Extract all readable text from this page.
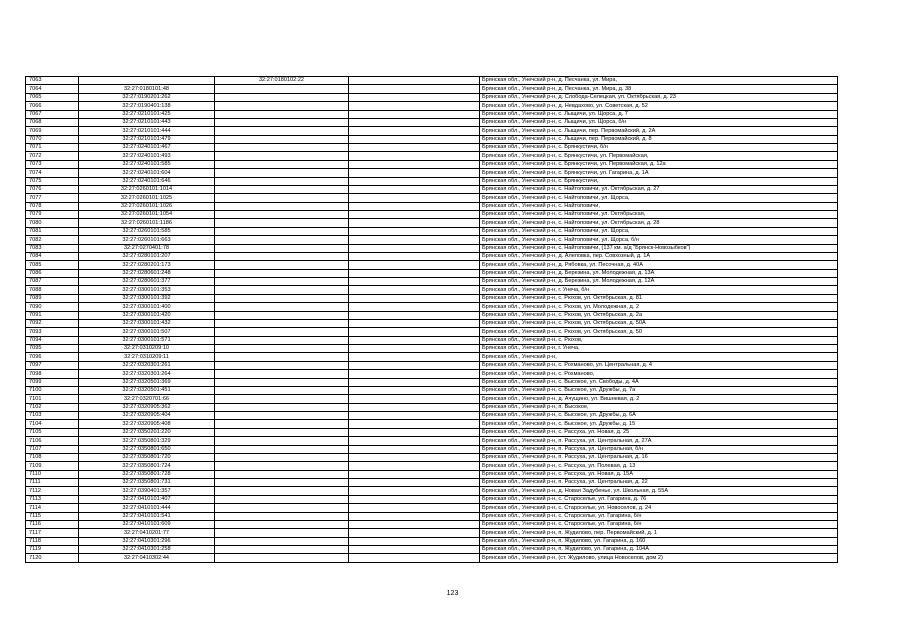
7063		32:27:0180102:22		Брянская обл., Унечский р-н, д. Песчанка, ул. Мира,
7064	32:27:0180101:48			Брянская обл., Унечский р-н, д. Песчанка, ул. Мира, д. 38
7065	32:27:0190201:262			Брянская обл., Унечский р-н, д. Слобода-Селецкая, ул. Октябрьская, д. 23
7066	32:27:0190401:138			Брянская обл., Унечский р-н, д. Невдахово, ул. Советская, д. 52
7067	32:27:0210101:425			Брянская обл., Унечский р-н, с. Лыщичи, ул. Щорса, д. 7
7068	32:27:0210101:443			Брянская обл., Унечский р-н, с. Лыщичи, ул. Щорса, б/н
7069	32:27:0210101:444			Брянская обл., Унечский р-н, с. Лыщичи, пер. Первомайский, д. 2А
7070	32:27:0210101:479			Брянская обл., Унечский р-н, с. Лыщичи, пер. Первомайский, д. 8
7071	32:27:0240101:467			Брянская обл., Унечский р-н, с. Брянкустичи, б/н
7072	32:27:0240101:493			Брянская обл., Унечский р-н, с. Брянкустичи, ул. Первомайская,
7073	32:27:0240101:585			Брянская обл., Унечский р-н, с. Брянкустичи, ул. Первомайская, д. 12а
7074	32:27:0240101:604			Брянская обл., Унечский р-н, с. Брянкустичи, ул. Гагарина, д. 1А
7075	32:27:0240101:646			Брянская обл., Унечский р-н, с. Брянкустичи,
7076	32:27:0260101:1014			Брянская обл., Унечский р-н, с. Найтоповичи, ул. Октябрьская, д. 27
7077	32:27:0260101:1025			Брянская обл., Унечский р-н, с. Найтоповичи, ул. Щорса,
7078	32:27:0260101:1026			Брянская обл., Унечский р-н, с. Найтоповичи,
7079	32:27:0260101:1054			Брянская обл., Унечский р-н, с. Найтоповичи, ул. Октябрьская,
7080	32:27:0260101:1186			Брянская обл., Унечский р-н, с. Найтоповичи, ул. Октябрьская, д. 28
7081	32:27:0260101:585			Брянская обл., Унечский р-н, с. Найтоповичи, ул. Щорса,
7082	32:27:0260101:663			Брянская обл., Унечский р-н, с. Найтоповичи, ул. Щорса, б/н
7083	32:27:0270401:78			Брянская обл., Унечский р-н, с. Найтоповичи, (137 км. а/д "Брянск-Новозыбков")
7084	32:27:0280101:207			Брянская обл., Унечский р-н, д. Алеповка, пер. Совхозный, д. 1А
7085	32:27:0280201:173			Брянская обл., Унечский р-н, д. Рябовка, ул. Песочная, д. 40А
7086	32:27:0280601:248			Брянская обл., Унечский р-н, д. Березина, ул. Молодежная, д. 13А
7087	32:27:0280601:377			Брянская обл., Унечский р-н, д. Березина, ул. Молодежная, д. 12А
7088	32:27:0300101:353			Брянская обл., Унечский р-н, г. Унеча, б/н
7089	32:27:0300101:392			Брянская обл., Унечский р-н, с. Рюхов, ул. Октябрьская, д. 81
7090	32:27:0300101:400			Брянская обл., Унечский р-н, с. Рюхов, ул. Молодежная, д. 2
7091	32:27:0300101:420			Брянская обл., Унечский р-н, с. Рюхов, ул. Октябрьская, д. 2а
7092	32:27:0300101:432			Брянская обл., Унечский р-н, с. Рюхов, ул. Октябрьская, д. 50А
7093	32:27:0300101:507			Брянская обл., Унечский р-н, с. Рюхов, ул. Октябрьская, д. 50
7094	32:27:0300101:571			Брянская обл., Унечский р-н, с. Рюхов,
7095	32:27:0310209:10			Брянская обл., Унечский р-н, г. Унеча,
7096	32:27:0310209:11			Брянская обл., Унечский р-н,
7097	32:27:0320301:261			Брянская обл., Унечский р-н, с. Рохманово, ул. Центральная, д. 4
7098	32:27:0320301:264			Брянская обл., Унечский р-н, с. Рохманово,
7099	32:27:0320501:369			Брянская обл., Унечский р-н, с. Высокое, ул. Свободы, д. 4А
7100	32:27:0320501:451			Брянская обл., Унечский р-н, с. Высокое, ул. Дружбы, д. 7а
7101	32:27:0320701:66			Брянская обл., Унечский р-н, д. Ачущино, ул. Вишневая, д. 2
7102	32:27:0320905:362			Брянская обл., Унечский р-н, п. Высокое,
7103	32:27:0320905:404			Брянская обл., Унечский р-н, с. Высокое, ул. Дружбы, д. 6А
7104	32:27:0320905:408			Брянская обл., Унечский р-н, с. Высокое, ул. Дружбы, д. 15
7105	32:27:0350201:220			Брянская обл., Унечский р-н, с. Рассуха, ул. Новая, д. 25
7106	32:27:0350801:329			Брянская обл., Унечский р-н, п. Рассуха, ул. Центральная, д. 27А
7107	32:27:0350801:650			Брянская обл., Унечский р-н, п. Рассуха, ул. Центральная, б/н
7108	32:27:0350801:720			Брянская обл., Унечский р-н, п. Рассуха, ул. Центральная, д. 16
7109	32:27:0350801:724			Брянская обл., Унечский р-н, с. Рассуха, ул. Полевая, д. 13
7110	32:27:0350801:728			Брянская обл., Унечский р-н, с. Рассуха, ул. Новая, д. 15А
7111	32:27:0350801:731			Брянская обл., Унечский р-н, п. Рассуха, ул. Центральная, д. 22
7112	32:27:0390401:357			Брянская обл., Унечский р-н, д. Новая Задубенье, ул. Школьная, д. 55А
7113	32:27:0410101:407			Брянская обл., Унечский р-н, с. Староселье, ул. Гагарина, д. 76
7114	32:27:0410101:444			Брянская обл., Унечский р-н, с. Староселье, ул. Новоселов, д. 24
7115	32:27:0410101:541			Брянская обл., Унечский р-н, с. Староселье, ул. Гагарина, б/н
7116	32:27:0410101:609			Брянская обл., Унечский р-н, с. Староселье, ул. Гагарина, б/н
7117	32:27:0410201:77			Брянская обл., Унечский р-н, п. Жудилово, пер. Первомайский, д. 1
7118	32:27:0410301:296			Брянская обл., Унечский р-н, п. Жудилово, ул. Гагарина, д. 160
7119	32:27:0410301:258			Брянская обл., Унечский р-н, п. Жудилово, ул. Гагарина, д. 104А
7120	32:27:0410302:44			Брянская обл., Унечский р-н, (ст. Жудилово, улица Новоселов, дом 2)
123
